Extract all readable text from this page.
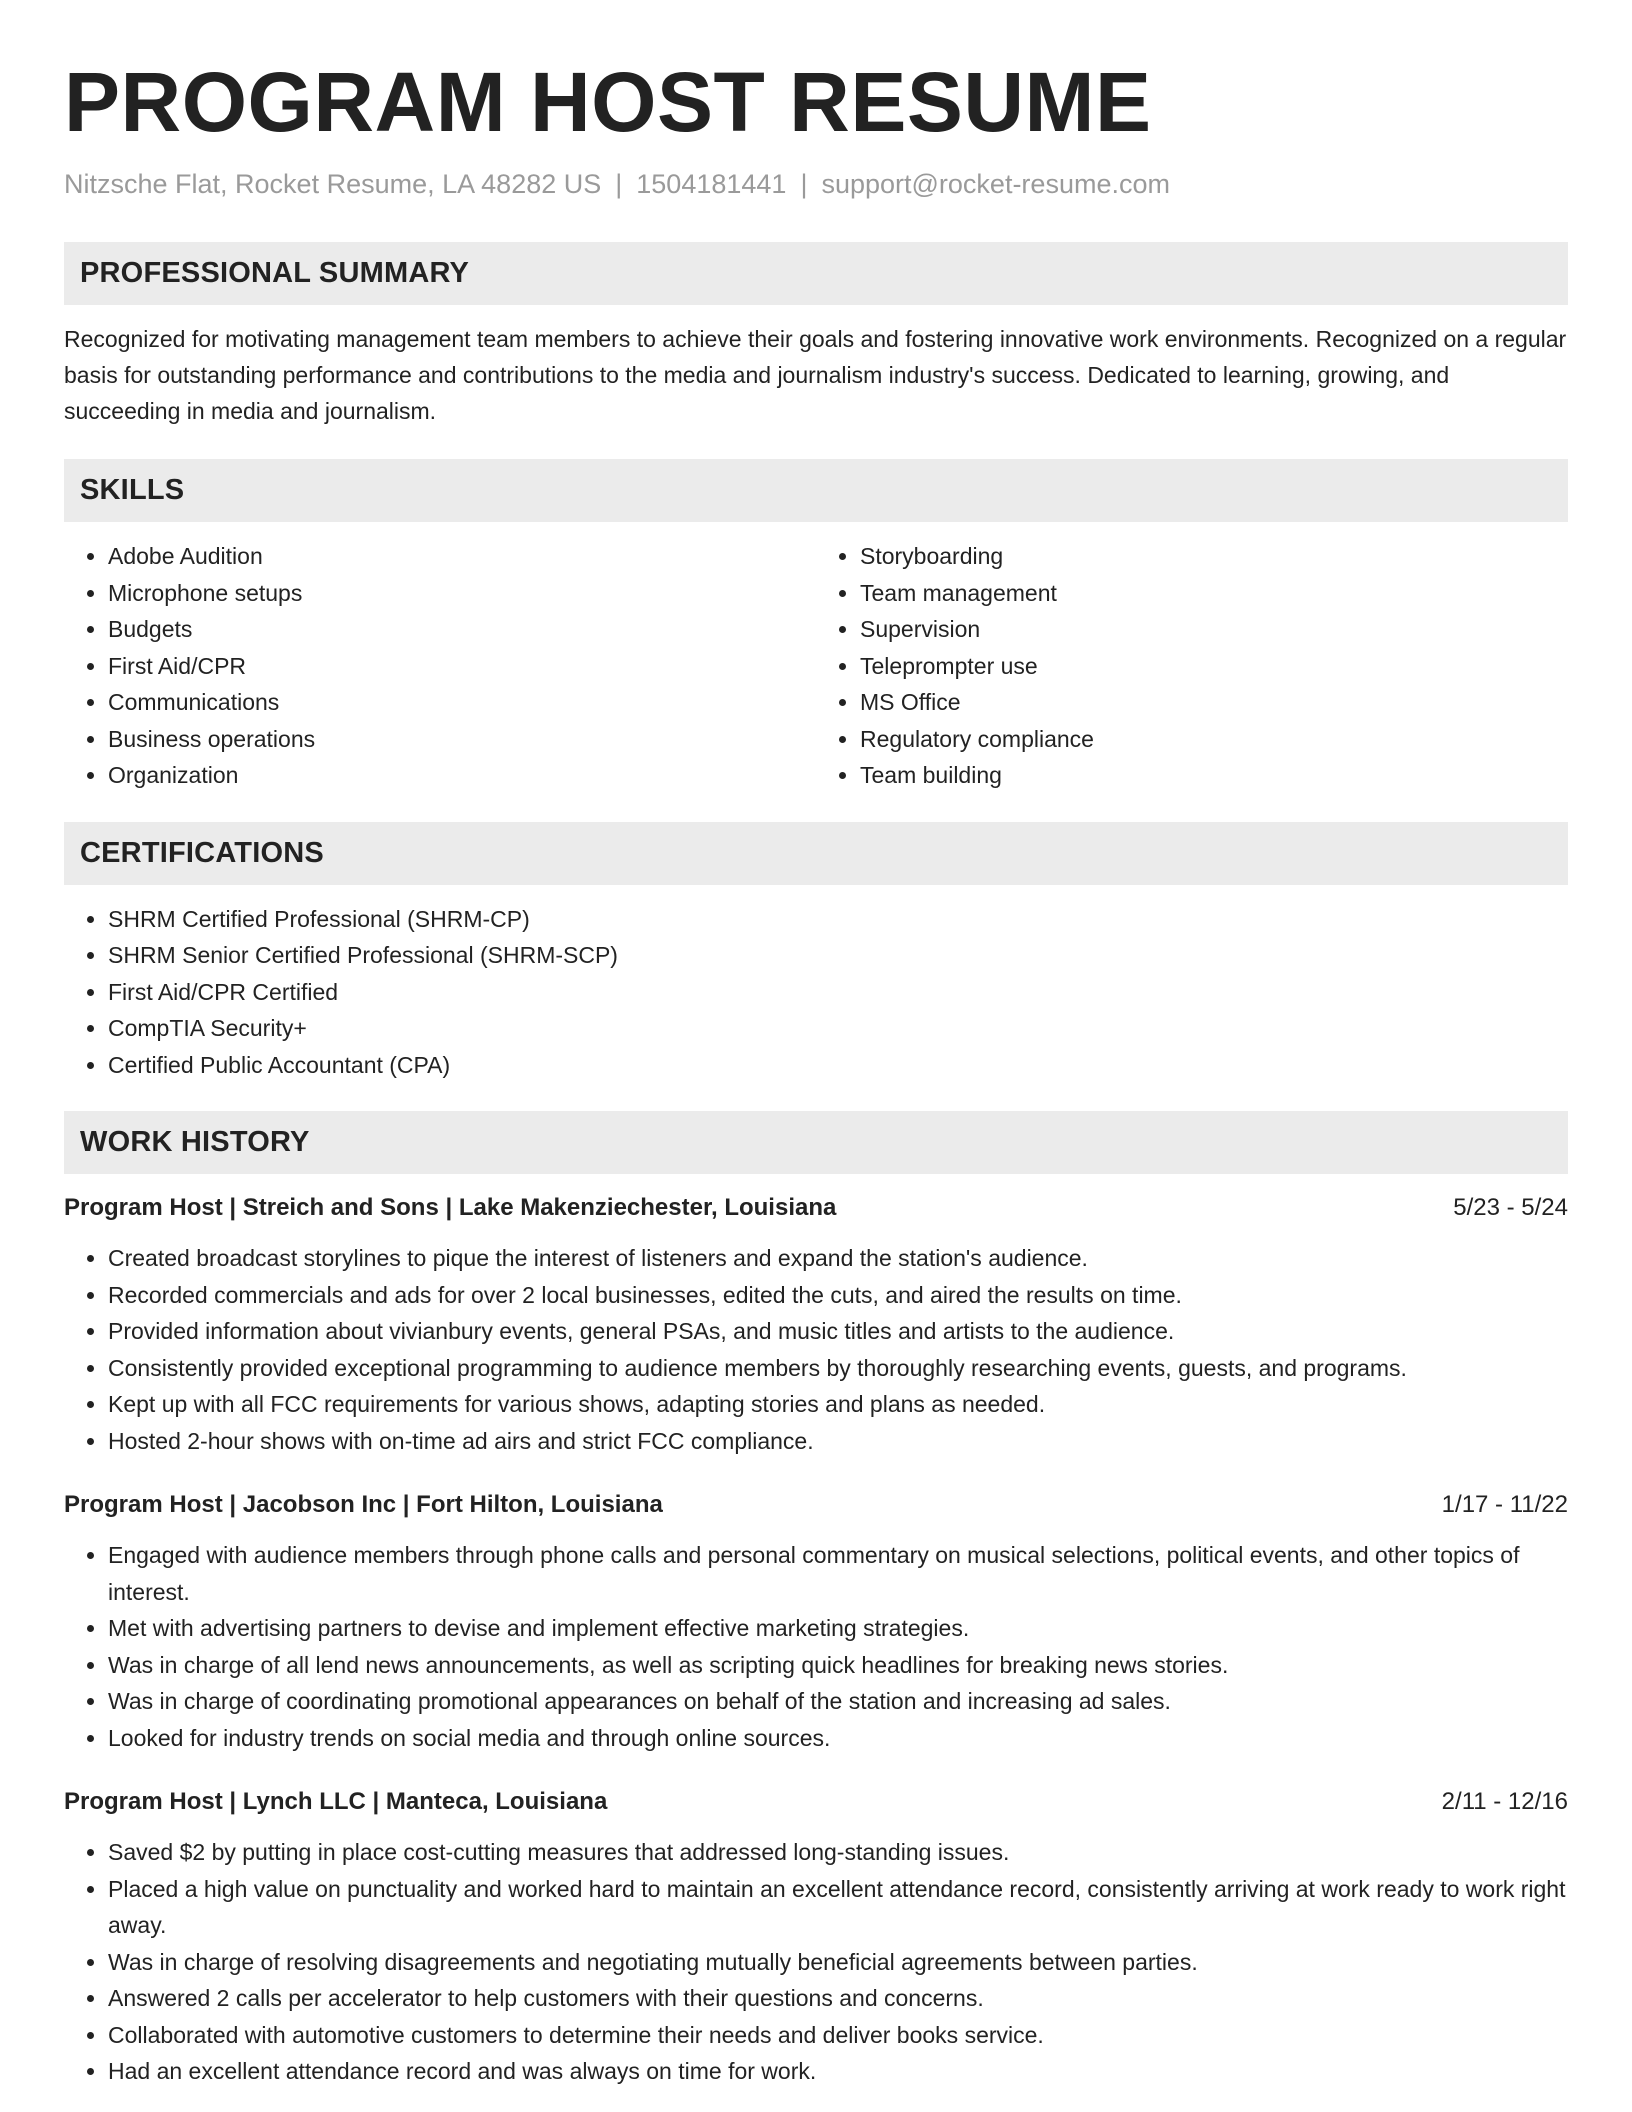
PROGRAM HOST RESUME
Nitzsche Flat, Rocket Resume, LA 48282 US | 1504181441 | support@rocket-resume.com
PROFESSIONAL SUMMARY

Recognized for motivating management team members to achieve their goals and fostering innovative work environments. Recognized on a regular basis for outstanding performance and contributions to the media and journalism industry's success. Dedicated to learning, growing, and succeeding in media and journalism.

SKILLS
• Adobe Audition
• Microphone setups
• Budgets
• First Aid/CPR
• Communications
• Business operations
• Organization
• Storyboarding
• Team management
• Supervision
• Teleprompter use
• MS Office
• Regulatory compliance
• Team building
CERTIFICATIONS
• SHRM Certified Professional (SHRM-CP)
• SHRM Senior Certified Professional (SHRM-SCP)
• First Aid/CPR Certified
• CompTIA Security+
• Certified Public Accountant (CPA)
WORK HISTORY
Program Host | Streich and Sons | Lake Makenziechester, Louisiana	5/23 - 5/24
• Created broadcast storylines to pique the interest of listeners and expand the station's audience.
• Recorded commercials and ads for over 2 local businesses, edited the cuts, and aired the results on time.
• Provided information about vivianbury events, general PSAs, and music titles and artists to the audience.
• Consistently provided exceptional programming to audience members by thoroughly researching events, guests, and programs.
• Kept up with all FCC requirements for various shows, adapting stories and plans as needed.
• Hosted 2-hour shows with on-time ad airs and strict FCC compliance.
Program Host | Jacobson Inc | Fort Hilton, Louisiana	1/17 - 11/22
• Engaged with audience members through phone calls and personal commentary on musical selections, political events, and other topics of interest.
• Met with advertising partners to devise and implement effective marketing strategies.
• Was in charge of all lend news announcements, as well as scripting quick headlines for breaking news stories.
• Was in charge of coordinating promotional appearances on behalf of the station and increasing ad sales.
• Looked for industry trends on social media and through online sources.
Program Host | Lynch LLC | Manteca, Louisiana	2/11 - 12/16
• Saved $2 by putting in place cost-cutting measures that addressed long-standing issues.
• Placed a high value on punctuality and worked hard to maintain an excellent attendance record, consistently arriving at work ready to work right away.
• Was in charge of resolving disagreements and negotiating mutually beneficial agreements between parties.
• Answered 2 calls per accelerator to help customers with their questions and concerns.
• Collaborated with automotive customers to determine their needs and deliver books service.
• Had an excellent attendance record and was always on time for work.
